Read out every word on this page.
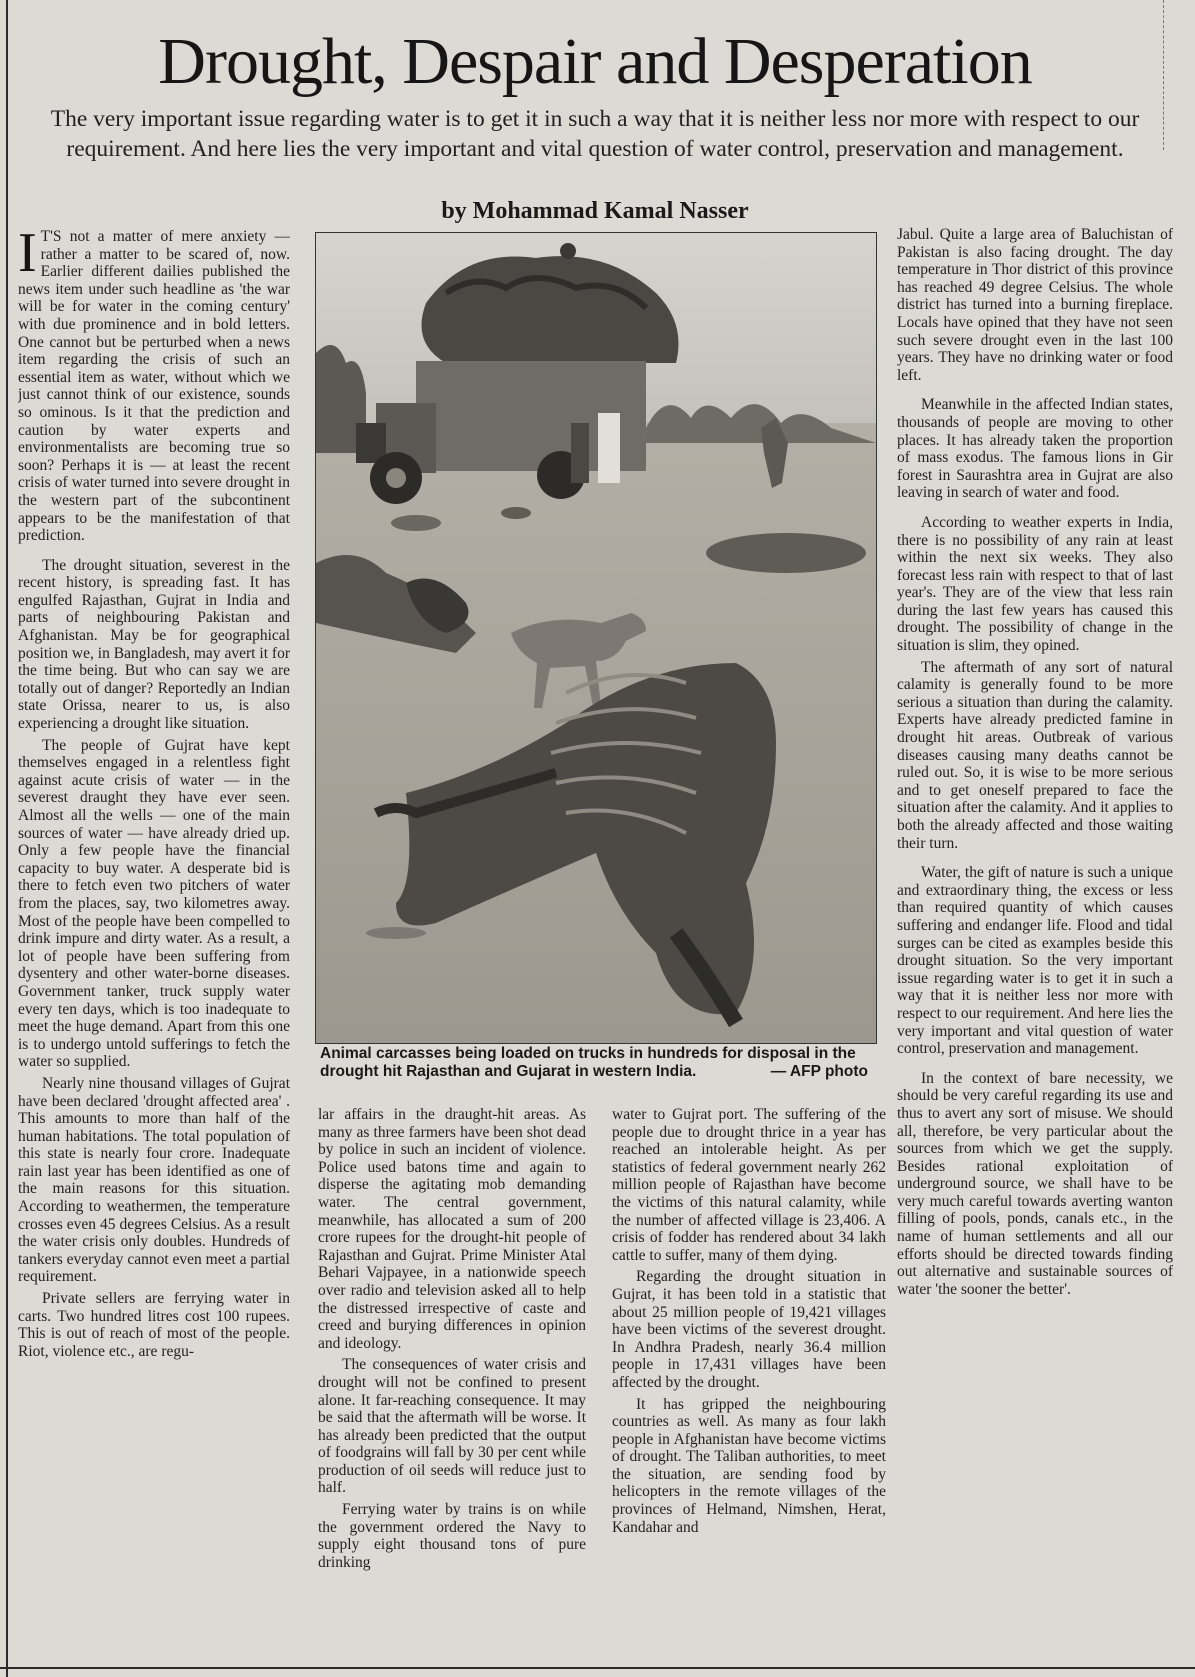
Drought, Despair and Desperation
The very important issue regarding water is to get it in such a way that it is neither less nor more with respect to our requirement. And here lies the very important and vital question of water control, preservation and management.
by Mohammad Kamal Nasser

I T'S not a matter of mere anxiety — rather a matter to be scared of, now. Earlier different dailies published the news item under such headline as 'the war will be for water in the coming century' with due prominence and in bold letters. One cannot but be perturbed when a news item regarding the crisis of such an essential item as water, without which we just cannot think of our existence, sounds so ominous. Is it that the prediction and caution by water experts and environmentalists are becoming true so soon? Perhaps it is — at least the recent crisis of water turned into severe drought in the western part of the subcontinent appears to be the manifestation of that prediction.

The drought situation, severest in the recent history, is spreading fast. It has engulfed Rajasthan, Gujrat in India and parts of neighbouring Pakistan and Afghanistan. May be for geographical position we, in Bangladesh, may avert it for the time being. But who can say we are totally out of danger? Reportedly an Indian state Orissa, nearer to us, is also experiencing a drought like situation.

The people of Gujrat have kept themselves engaged in a relentless fight against acute crisis of water — in the severest draught they have ever seen. Almost all the wells — one of the main sources of water — have already dried up. Only a few people have the financial capacity to buy water. A desperate bid is there to fetch even two pitchers of water from the places, say, two kilometres away. Most of the people have been compelled to drink impure and dirty water. As a result, a lot of people have been suffering from dysentery and other water-borne diseases. Government tanker, truck supply water every ten days, which is too inadequate to meet the huge demand. Apart from this one is to undergo untold sufferings to fetch the water so supplied.

Nearly nine thousand villages of Gujrat have been declared 'drought affected area' . This amounts to more than half of the human habitations. The total population of this state is nearly four crore. Inadequate rain last year has been identified as one of the main reasons for this situation. According to weathermen, the temperature crosses even 45 degrees Celsius. As a result the water crisis only doubles. Hundreds of tankers everyday cannot even meet a partial requirement.

Private sellers are ferrying water in carts. Two hundred litres cost 100 rupees. This is out of reach of most of the people. Riot, violence etc., are regu-

Animal carcasses being loaded on trucks in hundreds for disposal in the drought hit Rajasthan and Gujarat in western India.	— AFP photo

lar affairs in the draught-hit areas. As many as three farmers have been shot dead by police in such an incident of violence. Police used batons time and again to disperse the agitating mob demanding water. The central government, meanwhile, has allocated a sum of 200 crore rupees for the drought-hit people of Rajasthan and Gujrat. Prime Minister Atal Behari Vajpayee, in a nationwide speech over radio and television asked all to help the distressed irrespective of caste and creed and burying differences in opinion and ideology.

The consequences of water crisis and drought will not be confined to present alone. It far-reaching consequence. It may be said that the aftermath will be worse. It has already been predicted that the output of foodgrains will fall by 30 per cent while production of oil seeds will reduce just to half.

Ferrying water by trains is on while the government ordered the Navy to supply eight thousand tons of pure drinking

water to Gujrat port. The suffering of the people due to drought thrice in a year has reached an intolerable height. As per statistics of federal government nearly 262 million people of Rajasthan have become the victims of this natural calamity, while the number of affected village is 23,406. A crisis of fodder has rendered about 34 lakh cattle to suffer, many of them dying.

Regarding the drought situation in Gujrat, it has been told in a statistic that about 25 million people of 19,421 villages have been victims of the severest drought. In Andhra Pradesh, nearly 36.4 million people in 17,431 villages have been affected by the drought.

It has gripped the neighbouring countries as well. As many as four lakh people in Afghanistan have become victims of drought. The Taliban authorities, to meet the situation, are sending food by helicopters in the remote villages of the provinces of Helmand, Nimshen, Herat, Kandahar and

Jabul. Quite a large area of Baluchistan of Pakistan is also facing drought. The day temperature in Thor district of this province has reached 49 degree Celsius. The whole district has turned into a burning fireplace. Locals have opined that they have not seen such severe drought even in the last 100 years. They have no drinking water or food left.

Meanwhile in the affected Indian states, thousands of people are moving to other places. It has already taken the proportion of mass exodus. The famous lions in Gir forest in Saurashtra area in Gujrat are also leaving in search of water and food.

According to weather experts in India, there is no possibility of any rain at least within the next six weeks. They also forecast less rain with respect to that of last year's. They are of the view that less rain during the last few years has caused this drought. The possibility of change in the situation is slim, they opined.

The aftermath of any sort of natural calamity is generally found to be more serious a situation than during the calamity. Experts have already predicted famine in drought hit areas. Outbreak of various diseases causing many deaths cannot be ruled out. So, it is wise to be more serious and to get oneself prepared to face the situation after the calamity. And it applies to both the already affected and those waiting their turn.

Water, the gift of nature is such a unique and extraordinary thing, the excess or less than required quantity of which causes suffering and endanger life. Flood and tidal surges can be cited as examples beside this drought situation. So the very important issue regarding water is to get it in such a way that it is neither less nor more with respect to our requirement. And here lies the very important and vital question of water control, preservation and management.

In the context of bare necessity, we should be very careful regarding its use and thus to avert any sort of misuse. We should all, therefore, be very particular about the sources from which we get the supply. Besides rational exploitation of underground source, we shall have to be very much careful towards averting wanton filling of pools, ponds, canals etc., in the name of human settlements and all our efforts should be directed towards finding out alternative and sustainable sources of water 'the sooner the better'.
